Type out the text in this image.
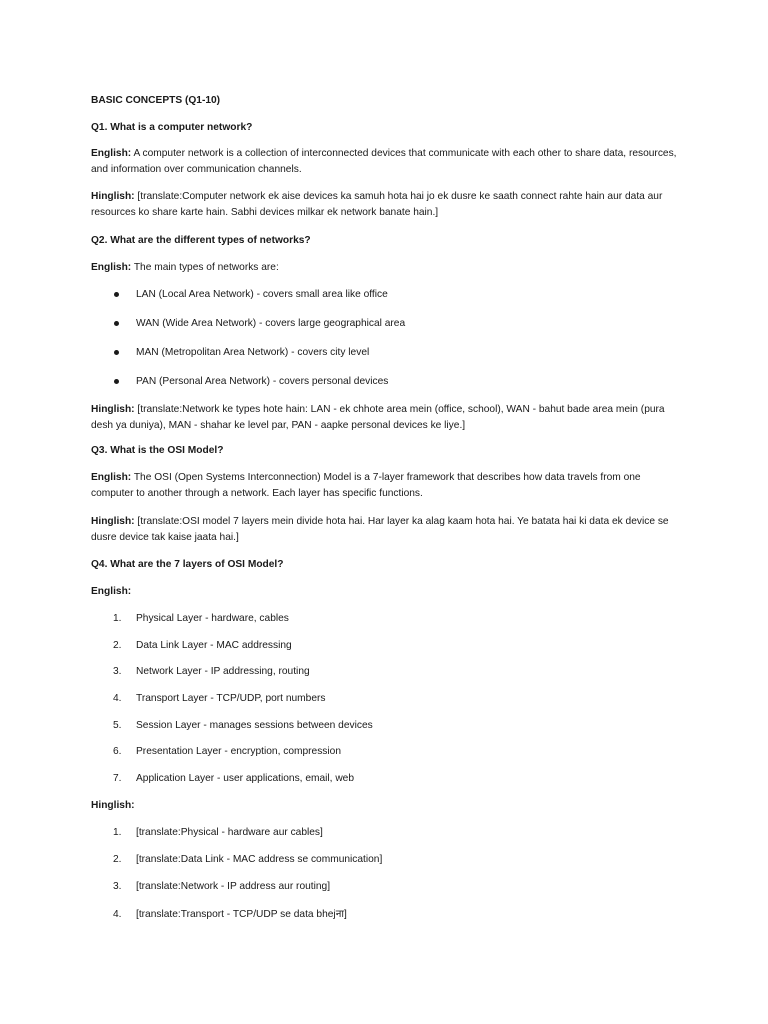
BASIC CONCEPTS (Q1-10)
Q1. What is a computer network?
English: A computer network is a collection of interconnected devices that communicate with each other to share data, resources, and information over communication channels.
Hinglish: [translate:Computer network ek aise devices ka samuh hota hai jo ek dusre ke saath connect rahte hain aur data aur resources ko share karte hain. Sabhi devices milkar ek network banate hain.]
Q2. What are the different types of networks?
English: The main types of networks are:
LAN (Local Area Network) - covers small area like office
WAN (Wide Area Network) - covers large geographical area
MAN (Metropolitan Area Network) - covers city level
PAN (Personal Area Network) - covers personal devices
Hinglish: [translate:Network ke types hote hain: LAN - ek chhote area mein (office, school), WAN - bahut bade area mein (pura desh ya duniya), MAN - shahar ke level par, PAN - aapke personal devices ke liye.]
Q3. What is the OSI Model?
English: The OSI (Open Systems Interconnection) Model is a 7-layer framework that describes how data travels from one computer to another through a network. Each layer has specific functions.
Hinglish: [translate:OSI model 7 layers mein divide hota hai. Har layer ka alag kaam hota hai. Ye batata hai ki data ek device se dusre device tak kaise jaata hai.]
Q4. What are the 7 layers of OSI Model?
English:
1. Physical Layer - hardware, cables
2. Data Link Layer - MAC addressing
3. Network Layer - IP addressing, routing
4. Transport Layer - TCP/UDP, port numbers
5. Session Layer - manages sessions between devices
6. Presentation Layer - encryption, compression
7. Application Layer - user applications, email, web
Hinglish:
1. [translate:Physical - hardware aur cables]
2. [translate:Data Link - MAC address se communication]
3. [translate:Network - IP address aur routing]
4. [translate:Transport - TCP/UDP se data bhejना]
